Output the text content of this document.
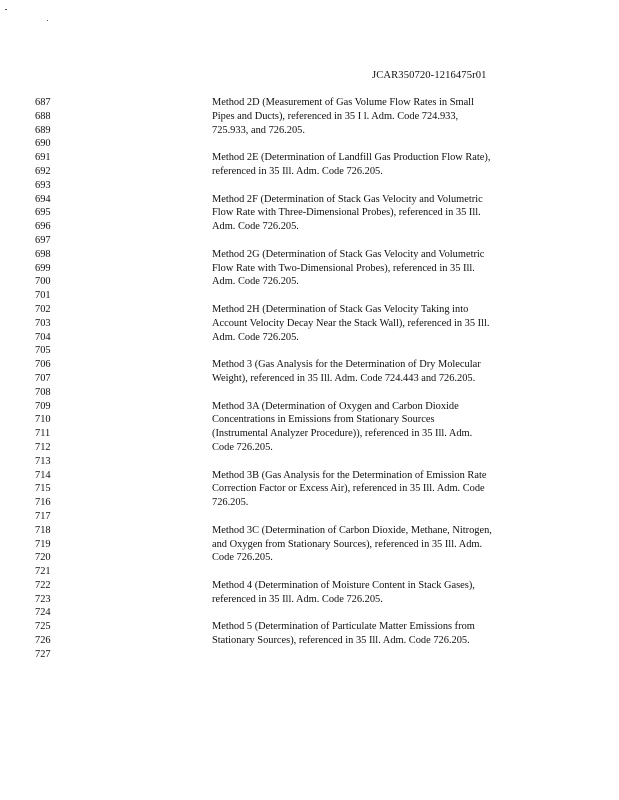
JCAR350720-1216475r01
687	Method 2D (Measurement of Gas Volume Flow Rates in Small
688	Pipes and Ducts), referenced in 35 I l. Adm. Code 724.933,
689	725.933, and 726.205.
690
691	Method 2E (Determination of Landfill Gas Production Flow Rate),
692	referenced in 35 Ill. Adm. Code 726.205.
693
694	Method 2F (Determination of Stack Gas Velocity and Volumetric
695	Flow Rate with Three-Dimensional Probes), referenced in 35 Ill.
696	Adm. Code 726.205.
697
698	Method 2G (Determination of Stack Gas Velocity and Volumetric
699	Flow Rate with Two-Dimensional Probes), referenced in 35 Ill.
700	Adm. Code 726.205.
701
702	Method 2H (Determination of Stack Gas Velocity Taking into
703	Account Velocity Decay Near the Stack Wall), referenced in 35 Ill.
704	Adm. Code 726.205.
705
706	Method 3 (Gas Analysis for the Determination of Dry Molecular
707	Weight), referenced in 35 Ill. Adm. Code 724.443 and 726.205.
708
709	Method 3A (Determination of Oxygen and Carbon Dioxide
710	Concentrations in Emissions from Stationary Sources
711	(Instrumental Analyzer Procedure)), referenced in 35 Ill. Adm.
712	Code 726.205.
713
714	Method 3B (Gas Analysis for the Determination of Emission Rate
715	Correction Factor or Excess Air), referenced in 35 Ill. Adm. Code
716	726.205.
717
718	Method 3C (Determination of Carbon Dioxide, Methane, Nitrogen,
719	and Oxygen from Stationary Sources), referenced in 35 Ill. Adm.
720	Code 726.205.
721
722	Method 4 (Determination of Moisture Content in Stack Gases),
723	referenced in 35 Ill. Adm. Code 726.205.
724
725	Method 5 (Determination of Particulate Matter Emissions from
726	Stationary Sources), referenced in 35 Ill. Adm. Code 726.205.
727
